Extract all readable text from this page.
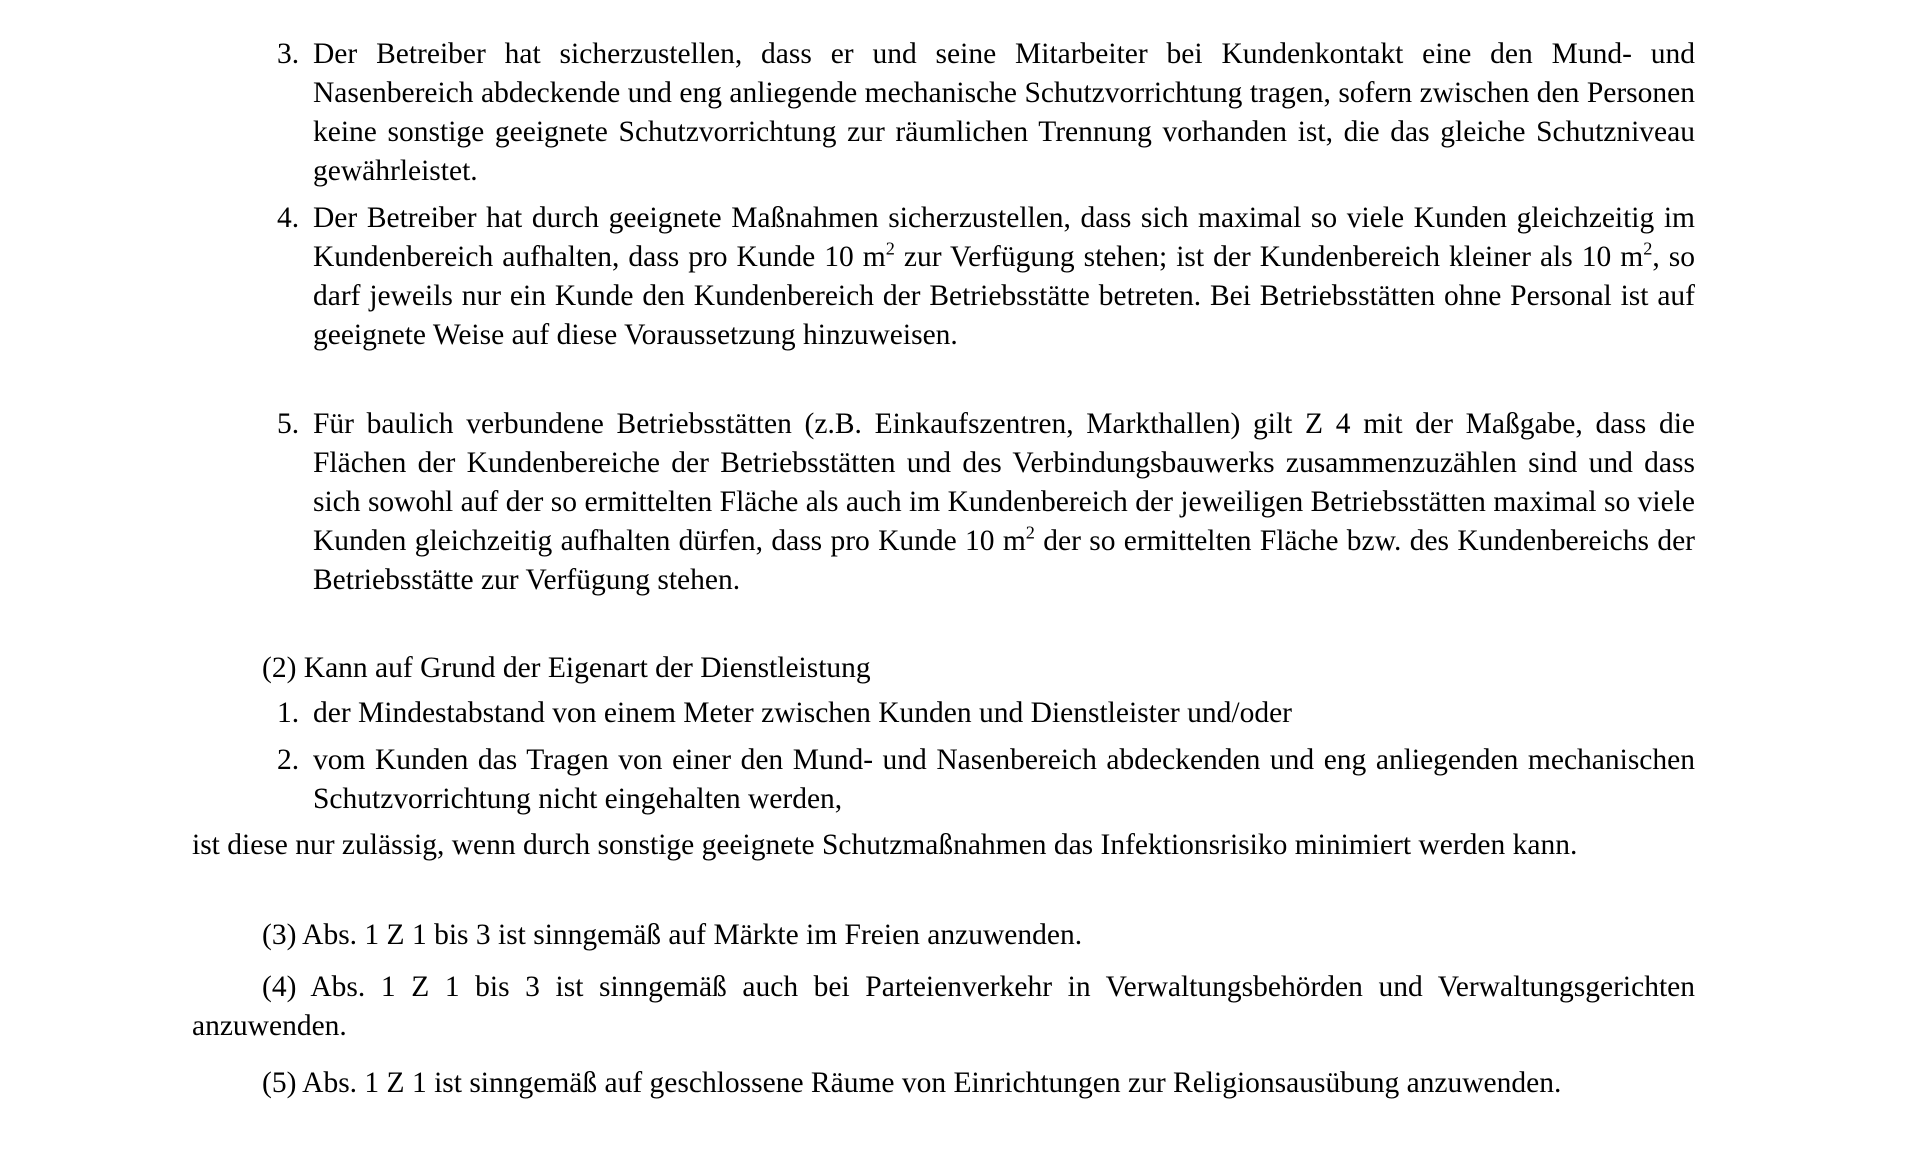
3. Der Betreiber hat sicherzustellen, dass er und seine Mitarbeiter bei Kundenkontakt eine den Mund- und Nasenbereich abdeckende und eng anliegende mechanische Schutzvorrichtung tragen, sofern zwischen den Personen keine sonstige geeignete Schutzvorrichtung zur räumlichen Trennung vorhanden ist, die das gleiche Schutzniveau gewährleistet.
4. Der Betreiber hat durch geeignete Maßnahmen sicherzustellen, dass sich maximal so viele Kunden gleichzeitig im Kundenbereich aufhalten, dass pro Kunde 10 $m^2$ zur Verfügung stehen; ist der Kundenbereich kleiner als 10 $m^2$, so darf jeweils nur ein Kunde den Kundenbereich der Betriebsstätte betreten. Bei Betriebsstätten ohne Personal ist auf geeignete Weise auf diese Voraussetzung hinzuweisen.
5. Für baulich verbundene Betriebsstätten (z.B. Einkaufszentren, Markthallen) gilt Z 4 mit der Maßgabe, dass die Flächen der Kundenbereiche der Betriebsstätten und des Verbindungsbauwerks zusammenzuzählen sind und dass sich sowohl auf der so ermittelten Fläche als auch im Kundenbereich der jeweiligen Betriebsstätten maximal so viele Kunden gleichzeitig aufhalten dürfen, dass pro Kunde 10 $m^2$ der so ermittelten Fläche bzw. des Kundenbereichs der Betriebsstätte zur Verfügung stehen.
(2) Kann auf Grund der Eigenart der Dienstleistung
1. der Mindestabstand von einem Meter zwischen Kunden und Dienstleister und/oder
2. vom Kunden das Tragen von einer den Mund- und Nasenbereich abdeckenden und eng anliegenden mechanischen Schutzvorrichtung nicht eingehalten werden,
ist diese nur zulässig, wenn durch sonstige geeignete Schutzmaßnahmen das Infektionsrisiko minimiert werden kann.
(3) Abs. 1 Z 1 bis 3 ist sinngemäß auf Märkte im Freien anzuwenden.
(4) Abs. 1 Z 1 bis 3 ist sinngemäß auch bei Parteienverkehr in Verwaltungsbehörden und Verwaltungsgerichten anzuwenden.
(5) Abs. 1 Z 1 ist sinngemäß auf geschlossene Räume von Einrichtungen zur Religionsausübung anzuwenden.
